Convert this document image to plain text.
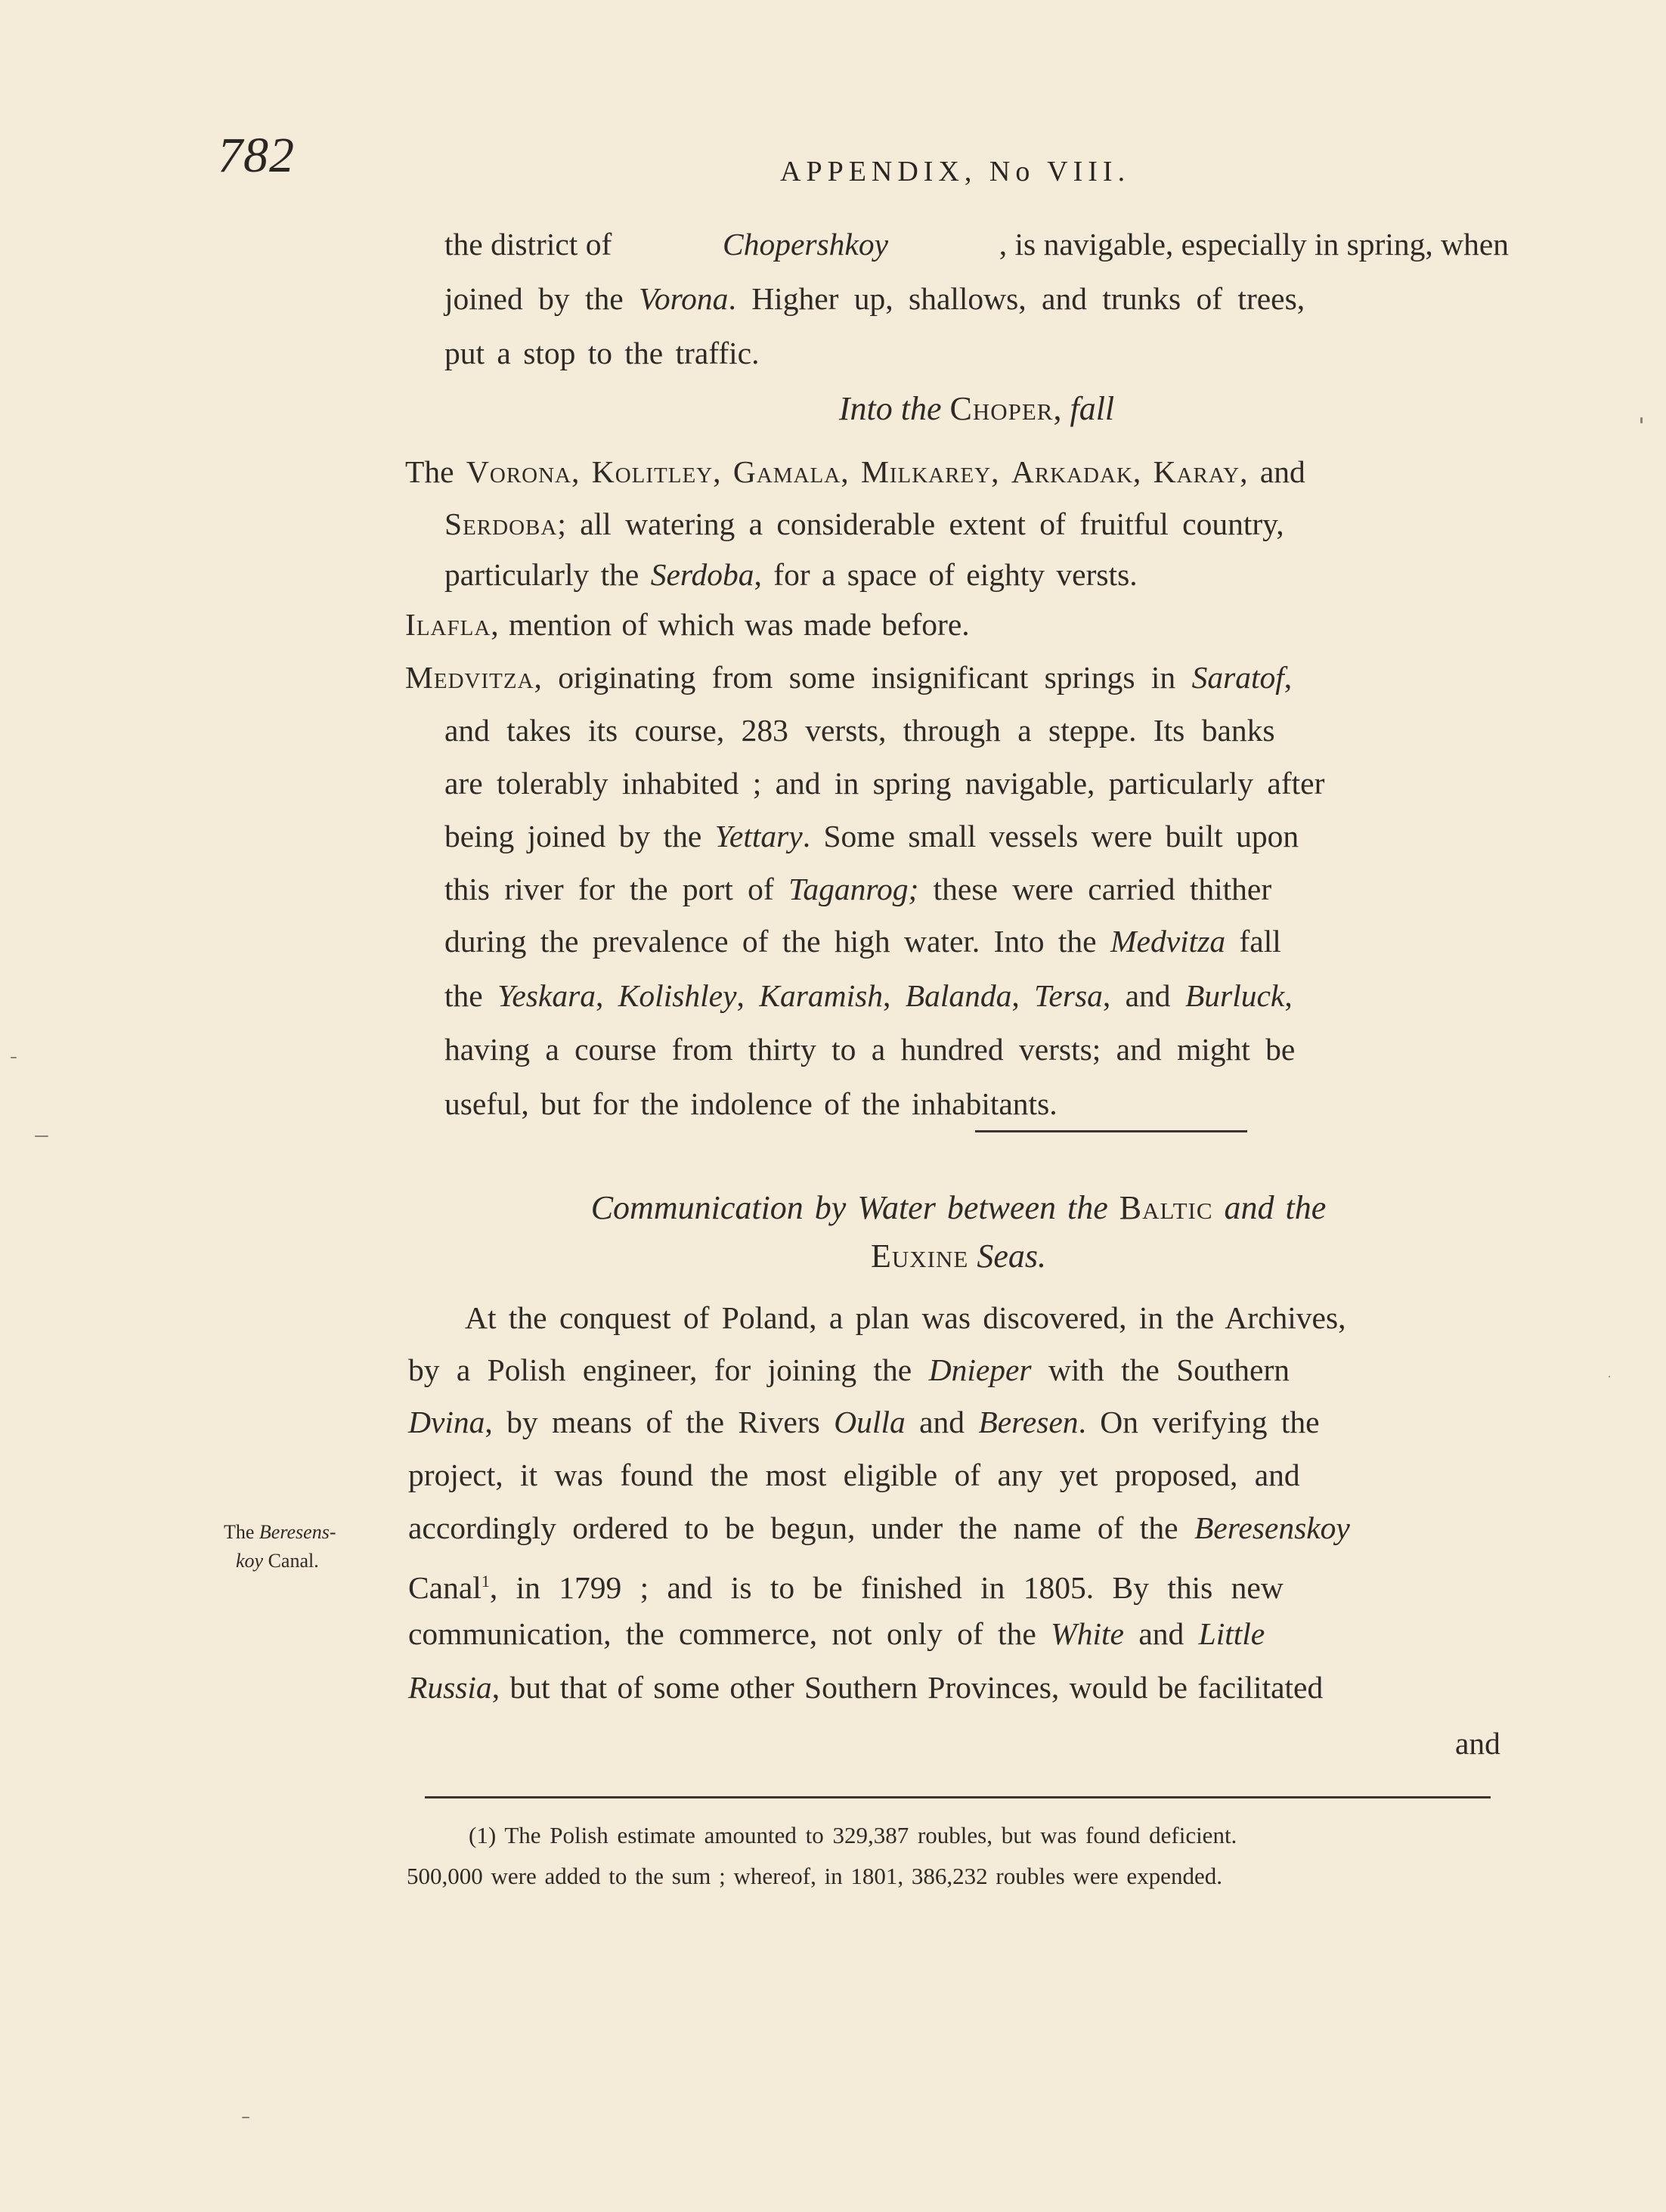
782	APPENDIX, No VIII.
the district of	Chopershkoy	, is navigable, especially in spring, when
joined by the Vorona. Higher up, shallows, and trunks of trees,
put a stop to the traffic.
Into the Choper, fall
The Vorona, Kolitley, Gamala, Milkarey, Arkadak, Karay, and
Serdoba; all watering a considerable extent of fruitful country,
particularly the Serdoba, for a space of eighty versts.
Ilafla, mention of which was made before.
Medvitza, originating from some insignificant springs in Saratof,
and takes its course, 283 versts, through a steppe. Its banks
are tolerably inhabited ; and in spring navigable, particularly after
being joined by the Yettary. Some small vessels were built upon
this river for the port of Taganrog; these were carried thither
during the prevalence of the high water. Into the Medvitza fall
the Yeskara, Kolishley, Karamish, Balanda, Tersa, and Burluck,
having a course from thirty to a hundred versts; and might be
useful, but for the indolence of the inhabitants.
Communication by Water between the Baltic and the
Euxine Seas.
At the conquest of Poland, a plan was discovered, in the Archives,
by a Polish engineer, for joining the Dnieper with the Southern
Dvina, by means of the Rivers Oulla and Beresen. On verifying the
project, it was found the most eligible of any yet proposed, and
accordingly ordered to be begun, under the name of the Beresenskoy
Canal$^1$, in 1799 ; and is to be finished in 1805. By this new
communication, the commerce, not only of the White and Little
Russia, but that of some other Southern Provinces, would be facilitated
and
The Beresens-
koy Canal.
(1) The Polish estimate amounted to 329,387 roubles, but was found deficient.
500,000 were added to the sum ; whereof, in 1801, 386,232 roubles were expended.
